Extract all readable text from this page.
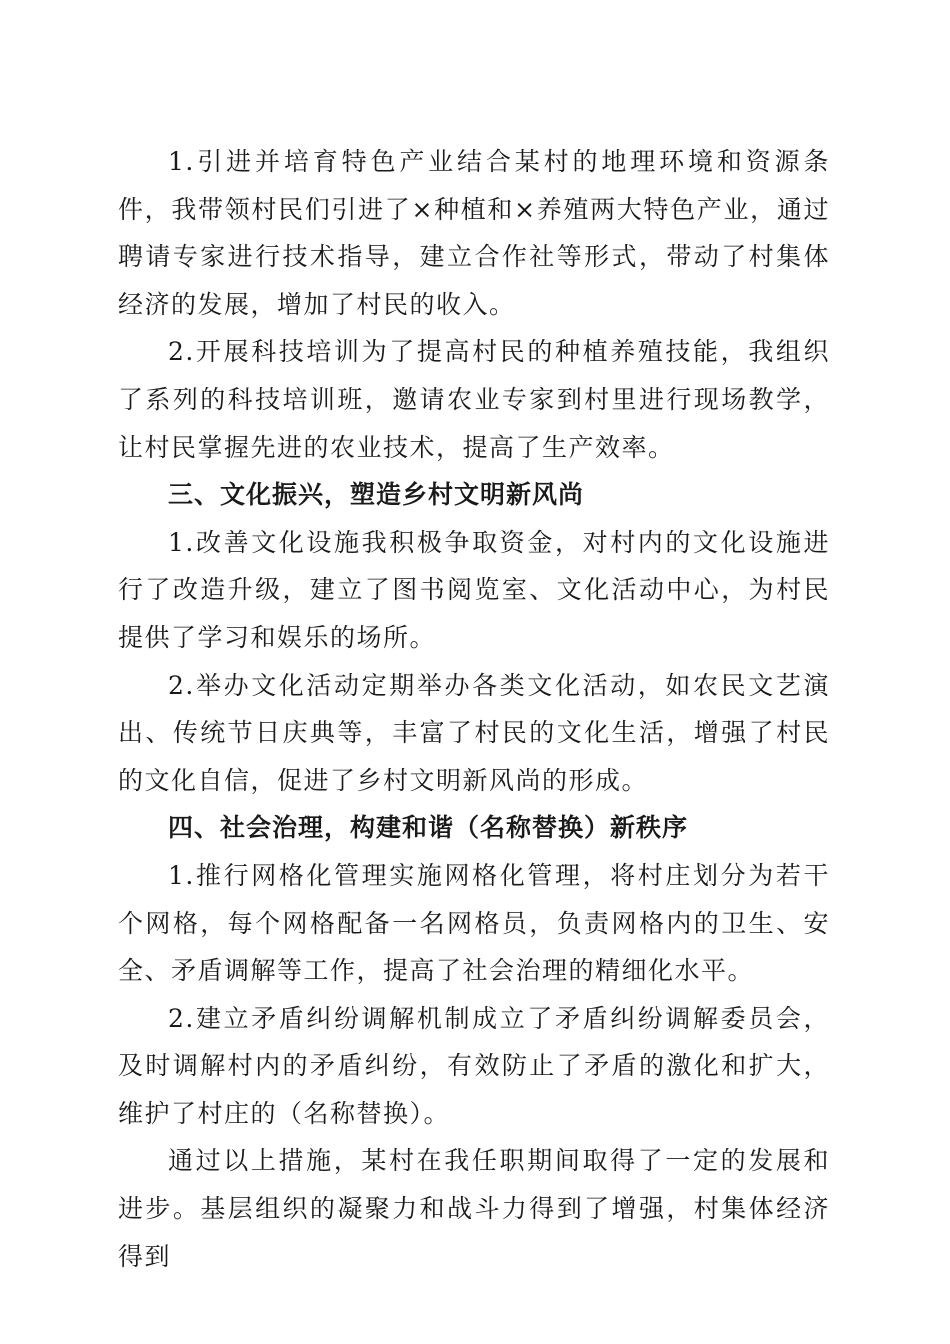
1.引进并培育特色产业结合某村的地理环境和资源条件，我带领村民们引进了×种植和×养殖两大特色产业，通过聘请专家进行技术指导，建立合作社等形式，带动了村集体经济的发展，增加了村民的收入。

2.开展科技培训为了提高村民的种植养殖技能，我组织了系列的科技培训班，邀请农业专家到村里进行现场教学，让村民掌握先进的农业技术，提高了生产效率。

三、文化振兴，塑造乡村文明新风尚

1.改善文化设施我积极争取资金，对村内的文化设施进行了改造升级，建立了图书阅览室、文化活动中心，为村民提供了学习和娱乐的场所。

2.举办文化活动定期举办各类文化活动，如农民文艺演出、传统节日庆典等，丰富了村民的文化生活，增强了村民的文化自信，促进了乡村文明新风尚的形成。

四、社会治理，构建和谐（名称替换）新秩序

1.推行网格化管理实施网格化管理，将村庄划分为若干个网格，每个网格配备一名网格员，负责网格内的卫生、安全、矛盾调解等工作，提高了社会治理的精细化水平。

2.建立矛盾纠纷调解机制成立了矛盾纠纷调解委员会，及时调解村内的矛盾纠纷，有效防止了矛盾的激化和扩大，维护了村庄的（名称替换）。

通过以上措施，某村在我任职期间取得了一定的发展和进步。基层组织的凝聚力和战斗力得到了增强，村集体经济得到
